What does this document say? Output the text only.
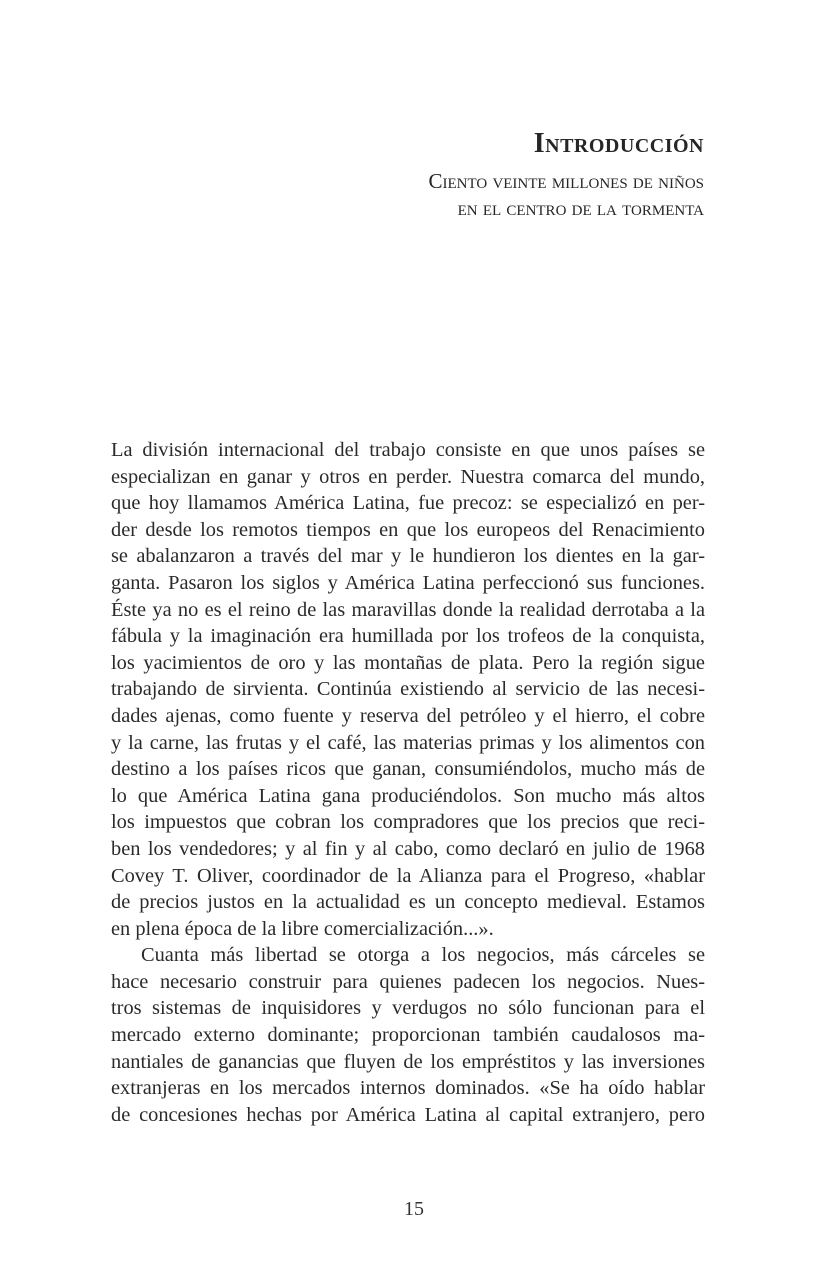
Introducción
Ciento veinte millones de niños
en el centro de la tormenta
La división internacional del trabajo consiste en que unos países se
especializan en ganar y otros en perder. Nuestra comarca del mundo,
que hoy llamamos América Latina, fue precoz: se especializó en per-
der desde los remotos tiempos en que los europeos del Renacimiento
se abalanzaron a través del mar y le hundieron los dientes en la gar-
ganta. Pasaron los siglos y América Latina perfeccionó sus funciones.
Éste ya no es el reino de las maravillas donde la realidad derrotaba a la
fábula y la imaginación era humillada por los trofeos de la conquista,
los yacimientos de oro y las montañas de plata. Pero la región sigue
trabajando de sirvienta. Continúa existiendo al servicio de las necesi-
dades ajenas, como fuente y reserva del petróleo y el hierro, el cobre
y la carne, las frutas y el café, las materias primas y los alimentos con
destino a los países ricos que ganan, consumiéndolos, mucho más de
lo que América Latina gana produciéndolos. Son mucho más altos
los impuestos que cobran los compradores que los precios que reci-
ben los vendedores; y al fin y al cabo, como declaró en julio de 1968
Covey T. Oliver, coordinador de la Alianza para el Progreso, «hablar
de precios justos en la actualidad es un concepto medieval. Estamos
en plena época de la libre comercialización...».
Cuanta más libertad se otorga a los negocios, más cárceles se
hace necesario construir para quienes padecen los negocios. Nues-
tros sistemas de inquisidores y verdugos no sólo funcionan para el
mercado externo dominante; proporcionan también caudalosos ma-
nantiales de ganancias que fluyen de los empréstitos y las inversiones
extranjeras en los mercados internos dominados. «Se ha oído hablar
de concesiones hechas por América Latina al capital extranjero, pero
15
